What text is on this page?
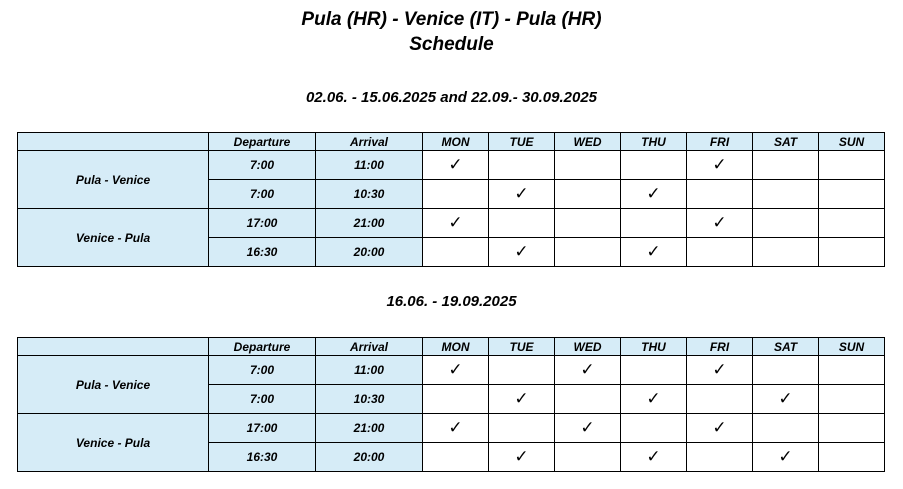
Pula (HR) - Venice (IT) - Pula (HR)
Schedule
02.06. - 15.06.2025 and 22.09.- 30.09.2025
	Departure	Arrival	MON	TUE	WED	THU	FRI	SAT	SUN
Pula - Venice	7:00	11:00	✓				✓		
	7:00	10:30		✓		✓			
Venice - Pula	17:00	21:00	✓				✓		
	16:30	20:00		✓		✓			
16.06. - 19.09.2025
	Departure	Arrival	MON	TUE	WED	THU	FRI	SAT	SUN
Pula - Venice	7:00	11:00	✓		✓		✓		
	7:00	10:30		✓		✓		✓	
Venice - Pula	17:00	21:00	✓		✓		✓		
	16:30	20:00		✓		✓		✓	
